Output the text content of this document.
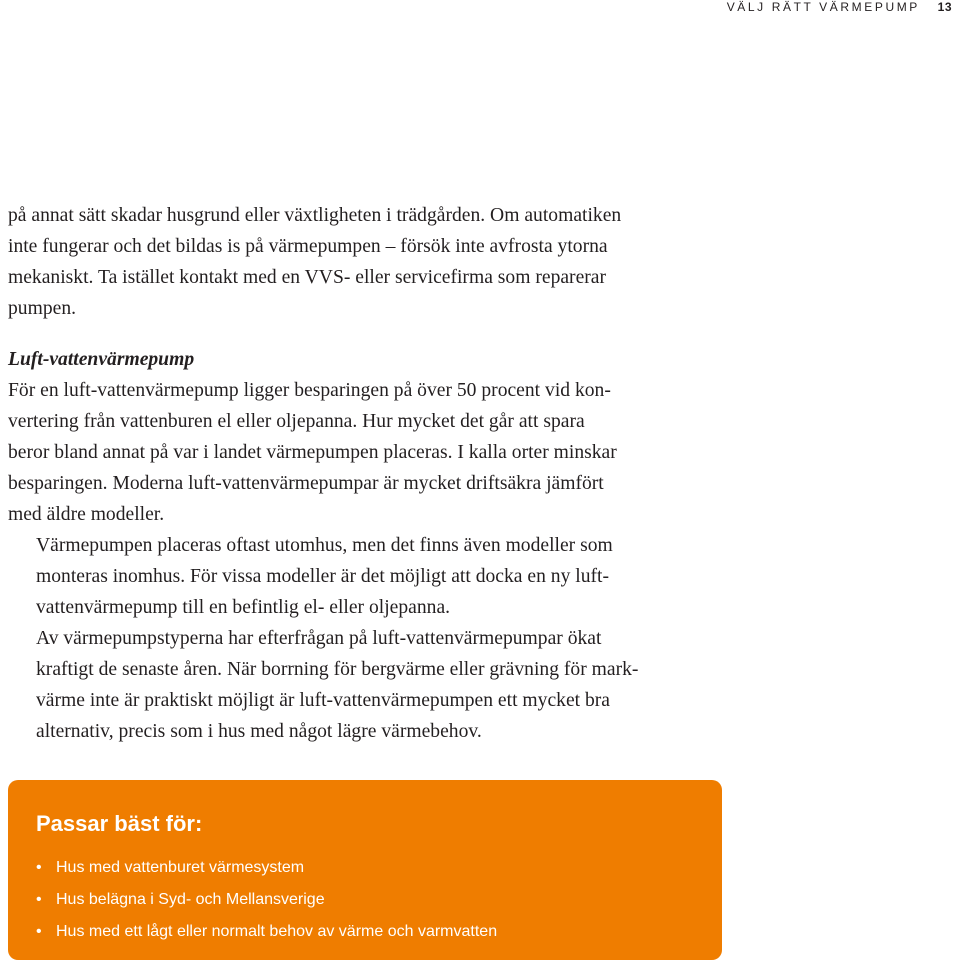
VÄLJ RÄTT VÄRMEPUMP 13

på annat sätt skadar husgrund eller växtligheten i trädgården. Om automatiken
inte fungerar och det bildas is på värmepumpen – försök inte avfrosta ytorna
mekaniskt. Ta istället kontakt med en VVS- eller servicefirma som reparerar
pumpen.

Luft-vattenvärmepump

För en luft-vattenvärmepump ligger besparingen på över 50 procent vid kon-
vertering från vattenburen el eller oljepanna. Hur mycket det går att spara
beror bland annat på var i landet värmepumpen placeras. I kalla orter minskar
besparingen. Moderna luft-vattenvärmepumpar är mycket driftsäkra jämfört
med äldre modeller.

Värmepumpen placeras oftast utomhus, men det finns även modeller som
monteras inomhus. För vissa modeller är det möjligt att docka en ny luft-
vattenvärmepump till en befintlig el- eller oljepanna.

Av värmepumpstyperna har efterfrågan på luft-vattenvärmepumpar ökat
kraftigt de senaste åren. När borrning för bergvärme eller grävning för mark-
värme inte är praktiskt möjligt är luft-vattenvärmepumpen ett mycket bra
alternativ, precis som i hus med något lägre värmebehov.

Passar bäst för:

• Hus med vattenburet värmesystem
• Hus belägna i Syd- och Mellansverige
• Hus med ett lågt eller normalt behov av värme och varmvatten
